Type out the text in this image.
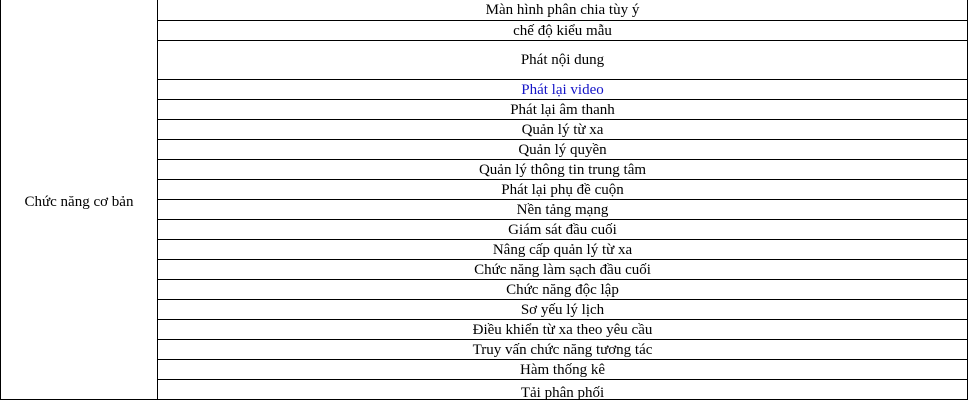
Chức năng cơ bản	Màn hình phân chia tùy ý
chế độ kiểu mẫu
Phát nội dung
Phát lại video
Phát lại âm thanh
Quản lý từ xa
Quản lý quyền
Quản lý thông tin trung tâm
Phát lại phụ đề cuộn
Nền tảng mạng
Giám sát đầu cuối
Nâng cấp quản lý từ xa
Chức năng làm sạch đầu cuối
Chức năng độc lập
Sơ yếu lý lịch
Điều khiển từ xa theo yêu cầu
Truy vấn chức năng tương tác
Hàm thống kê
Tải phân phối
